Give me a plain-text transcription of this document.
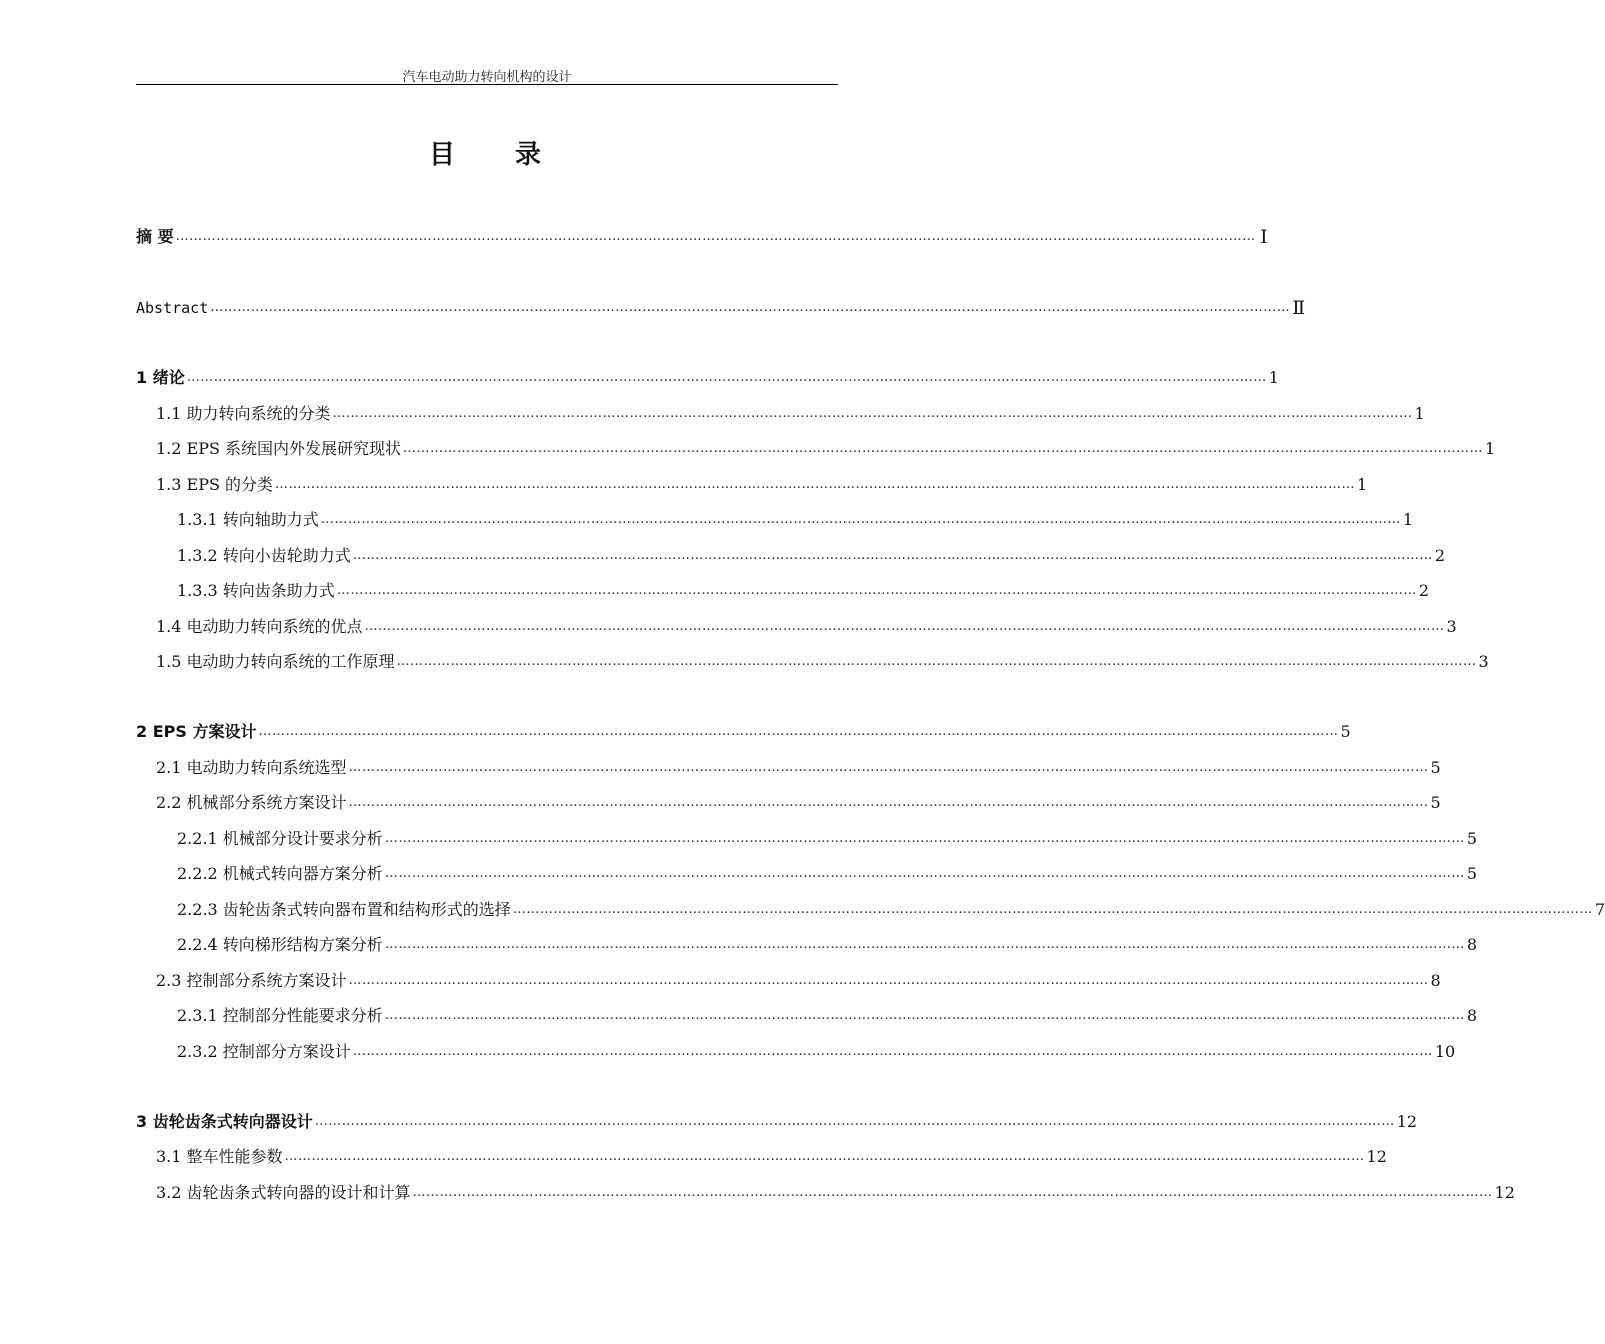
汽车电动助力转向机构的设计
目 录
摘 要 …………………………………………………………………………………………………………………………………………………………………………………………………………………… Ⅰ
Abstract …………………………………………………………………………………………………………………………………………………………………………………………………………………… Ⅱ
1 绪论 …………………………………………………………………………………………………………………………………………………………………………………………………………………… 1
1.1 助力转向系统的分类 …………………………………………………………………………………………………………………………………………………………………………………………………………………… 1
1.2 EPS 系统国内外发展研究现状 …………………………………………………………………………………………………………………………………………………………………………………………………………………… 1
1.3 EPS 的分类 …………………………………………………………………………………………………………………………………………………………………………………………………………………… 1
1.3.1 转向轴助力式 …………………………………………………………………………………………………………………………………………………………………………………………………………………… 1
1.3.2 转向小齿轮助力式 …………………………………………………………………………………………………………………………………………………………………………………………………………………… 2
1.3.3 转向齿条助力式 …………………………………………………………………………………………………………………………………………………………………………………………………………………… 2
1.4 电动助力转向系统的优点 …………………………………………………………………………………………………………………………………………………………………………………………………………………… 3
1.5 电动助力转向系统的工作原理 …………………………………………………………………………………………………………………………………………………………………………………………………………………… 3
2 EPS 方案设计 …………………………………………………………………………………………………………………………………………………………………………………………………………………… 5
2.1 电动助力转向系统选型 …………………………………………………………………………………………………………………………………………………………………………………………………………………… 5
2.2 机械部分系统方案设计 …………………………………………………………………………………………………………………………………………………………………………………………………………………… 5
2.2.1 机械部分设计要求分析 …………………………………………………………………………………………………………………………………………………………………………………………………………………… 5
2.2.2 机械式转向器方案分析 …………………………………………………………………………………………………………………………………………………………………………………………………………………… 5
2.2.3 齿轮齿条式转向器布置和结构形式的选择 …………………………………………………………………………………………………………………………………………………………………………………………………………………… 7
2.2.4 转向梯形结构方案分析 …………………………………………………………………………………………………………………………………………………………………………………………………………………… 8
2.3 控制部分系统方案设计 …………………………………………………………………………………………………………………………………………………………………………………………………………………… 8
2.3.1 控制部分性能要求分析 …………………………………………………………………………………………………………………………………………………………………………………………………………………… 8
2.3.2 控制部分方案设计 …………………………………………………………………………………………………………………………………………………………………………………………………………………… 10
3 齿轮齿条式转向器设计 …………………………………………………………………………………………………………………………………………………………………………………………………………………… 12
3.1 整车性能参数 …………………………………………………………………………………………………………………………………………………………………………………………………………………… 12
3.2 齿轮齿条式转向器的设计和计算 …………………………………………………………………………………………………………………………………………………………………………………………………………………… 12
